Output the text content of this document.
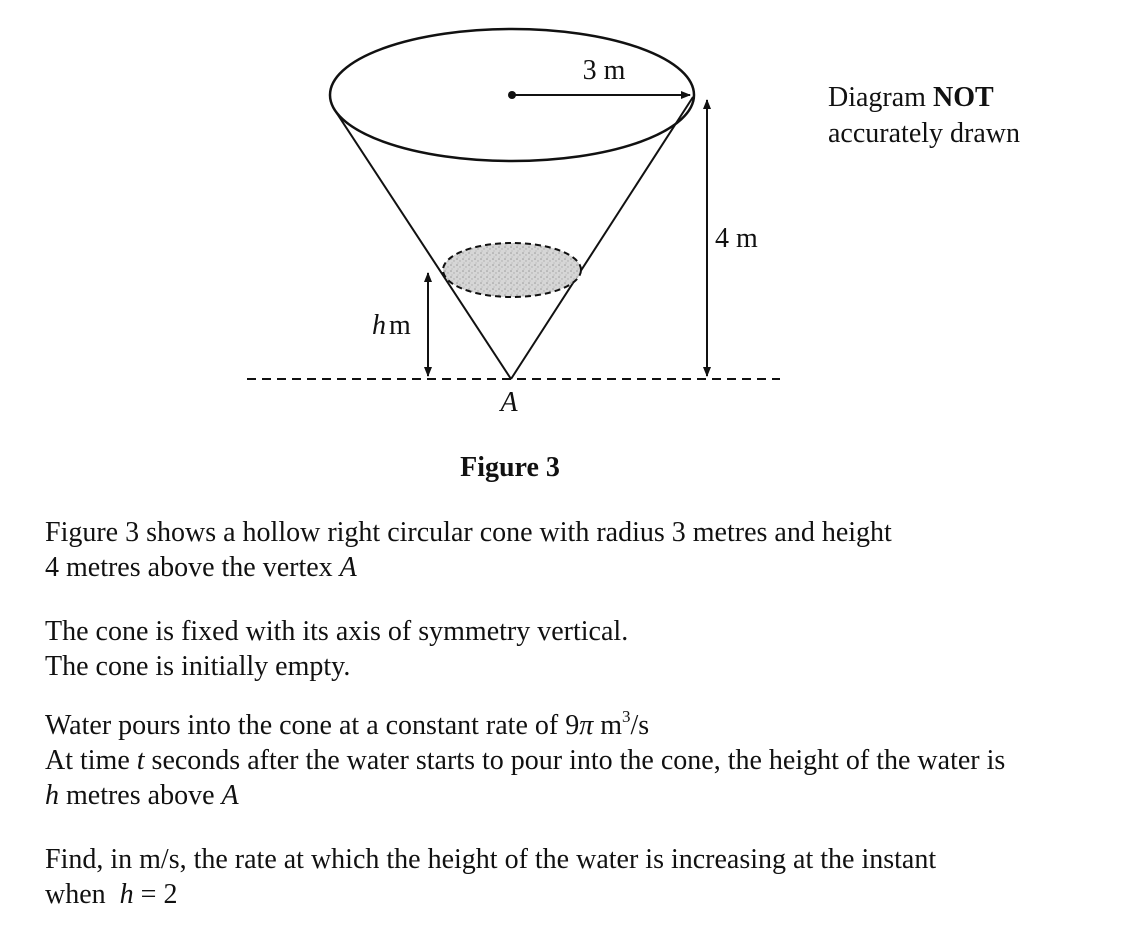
3 m
4 m
h m
A
Diagram NOT
accurately drawn
Figure 3
Figure 3 shows a hollow right circular cone with radius 3 metres and height
4 metres above the vertex A
The cone is fixed with its axis of symmetry vertical.
The cone is initially empty.
Water pours into the cone at a constant rate of 9π $m^3/s$
At time t seconds after the water starts to pour into the cone, the height of the water is
h metres above A
Find, in m/s, the rate at which the height of the water is increasing at the instant
when  h = 2
